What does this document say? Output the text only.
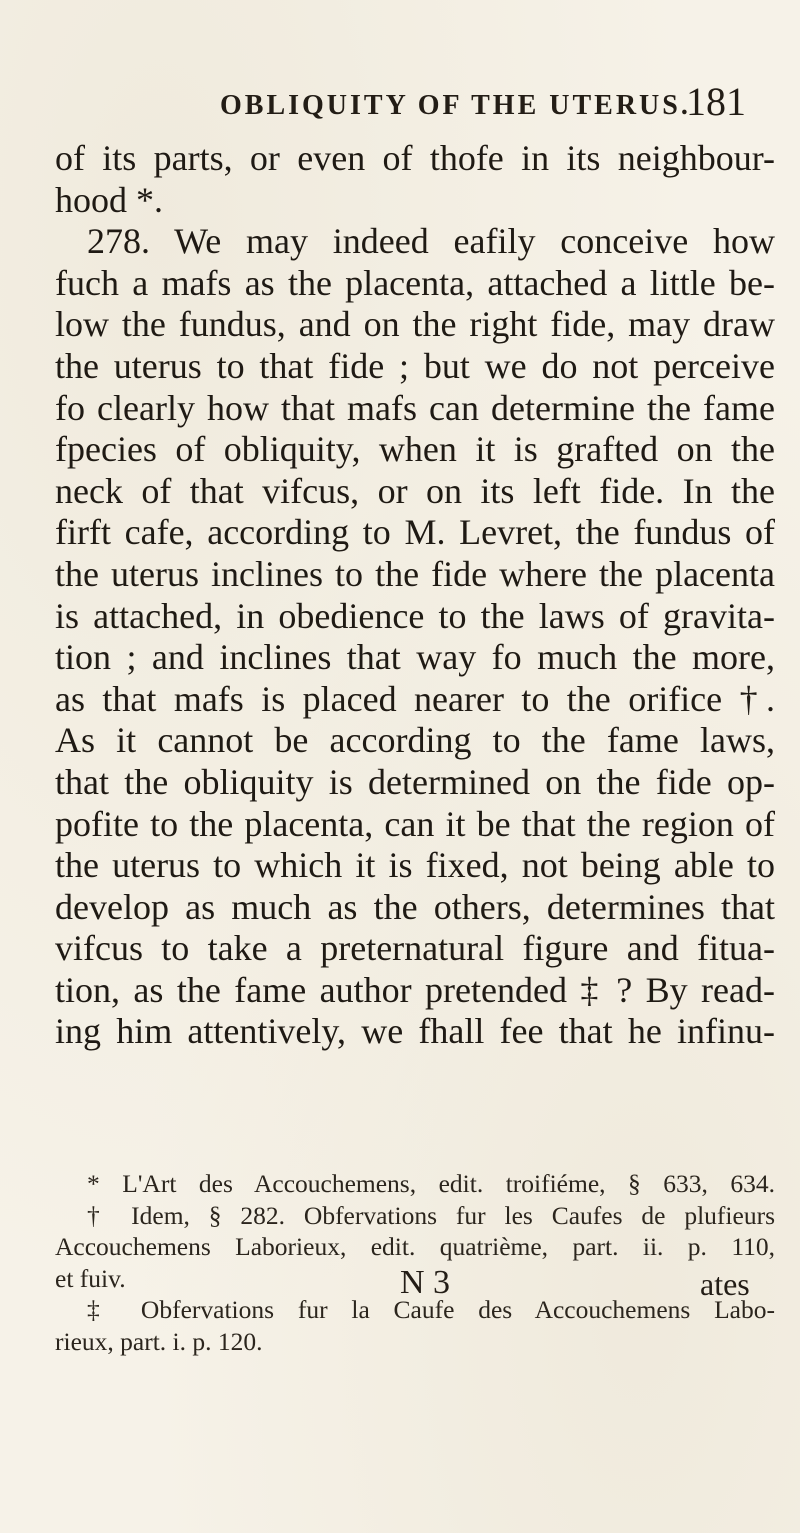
OBLIQUITY OF THE UTERUS.
181
of its parts, or even of thofe in its neighbour-
hood *.
278. We may indeed eafily conceive how
fuch a mafs as the placenta, attached a little be-
low the fundus, and on the right fide, may draw
the uterus to that fide ; but we do not perceive
fo clearly how that mafs can determine the fame
fpecies of obliquity, when it is grafted on the
neck of that vifcus, or on its left fide. In the
firft cafe, according to M. Levret, the fundus of
the uterus inclines to the fide where the placenta
is attached, in obedience to the laws of gravita-
tion ; and inclines that way fo much the more,
as that mafs is placed nearer to the orifice †.
As it cannot be according to the fame laws,
that the obliquity is determined on the fide op-
pofite to the placenta, can it be that the region of
the uterus to which it is fixed, not being able to
develop as much as the others, determines that
vifcus to take a preternatural figure and fitua-
tion, as the fame author pretended ‡ ? By read-
ing him attentively, we fhall fee that he infinu-
* L'Art des Accouchemens, edit. troifiéme, § 633, 634.
† Idem, § 282. Obfervations fur les Caufes de plufieurs
Accouchemens Laborieux, edit. quatrième, part. ii. p. 110,
et fuiv.
‡ Obfervations fur la Caufe des Accouchemens Labo-
rieux, part. i. p. 120.
N 3	ates
